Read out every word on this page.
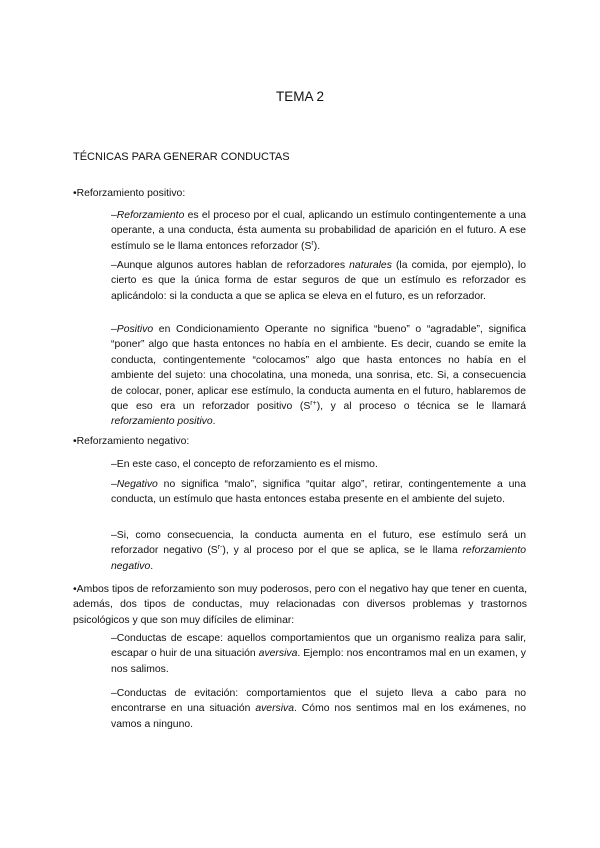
TEMA 2
TÉCNICAS PARA GENERAR CONDUCTAS
•Reforzamiento positivo:
–Reforzamiento es el proceso por el cual, aplicando un estímulo contingentemente a una operante, a una conducta, ésta aumenta su probabilidad de aparición en el futuro. A ese estímulo se le llama entonces reforzador $(S^r)$.
–Aunque algunos autores hablan de reforzadores naturales (la comida, por ejemplo), lo cierto es que la única forma de estar seguros de que un estímulo es reforzador es aplicándolo: si la conducta a que se aplica se eleva en el futuro, es un reforzador.
–Positivo en Condicionamiento Operante no significa “bueno” o “agradable”, significa “poner” algo que hasta entonces no había en el ambiente. Es decir, cuando se emite la conducta, contingentemente “colocamos” algo que hasta entonces no había en el ambiente del sujeto: una chocolatina, una moneda, una sonrisa, etc. Si, a consecuencia de colocar, poner, aplicar ese estímulo, la conducta aumenta en el futuro, hablaremos de que eso era un reforzador positivo $(S^{r+})$, y al proceso o técnica se le llamará reforzamiento positivo.
•Reforzamiento negativo:
–En este caso, el concepto de reforzamiento es el mismo.
–Negativo no significa “malo”, significa “quitar algo”, retirar, contingentemente a una conducta, un estímulo que hasta entonces estaba presente en el ambiente del sujeto.
–Si, como consecuencia, la conducta aumenta en el futuro, ese estímulo será un reforzador negativo $(S^{r-})$, y al proceso por el que se aplica, se le llama reforzamiento negativo.
•Ambos tipos de reforzamiento son muy poderosos, pero con el negativo hay que tener en cuenta, además, dos tipos de conductas, muy relacionadas con diversos problemas y trastornos psicológicos y que son muy difíciles de eliminar:
–Conductas de escape: aquellos comportamientos que un organismo realiza para salir, escapar o huir de una situación aversiva. Ejemplo: nos encontramos mal en un examen, y nos salimos.
–Conductas de evitación: comportamientos que el sujeto lleva a cabo para no encontrarse en una situación aversiva. Cómo nos sentimos mal en los exámenes, no vamos a ninguno.
